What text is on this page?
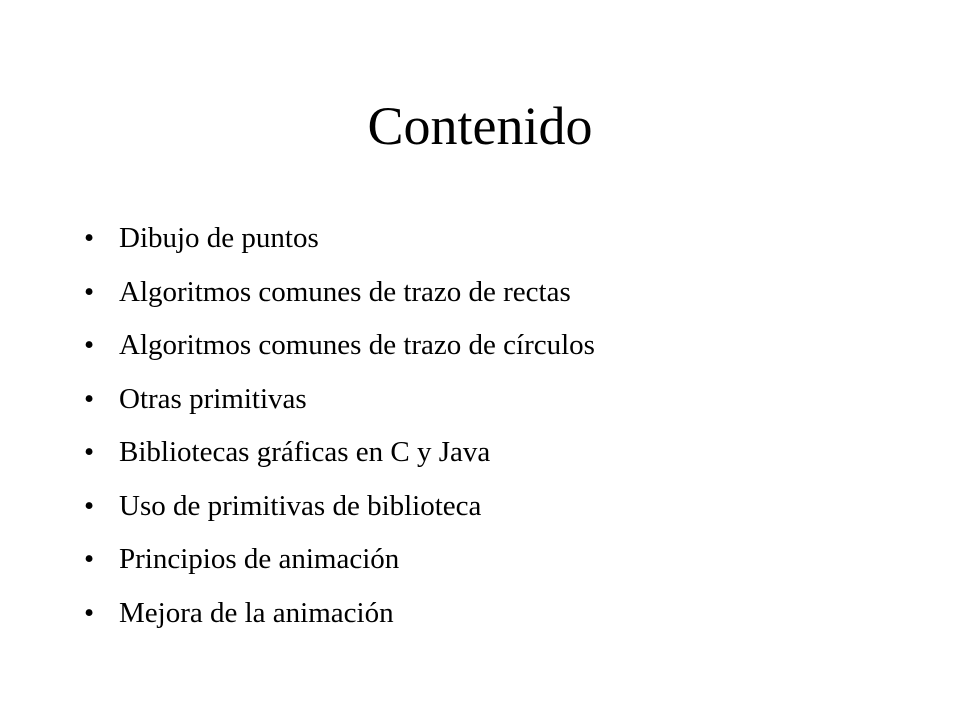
Contenido
• Dibujo de puntos
• Algoritmos comunes de trazo de rectas
• Algoritmos comunes de trazo de círculos
• Otras primitivas
• Bibliotecas gráficas en C y Java
• Uso de primitivas de biblioteca
• Principios de animación
• Mejora de la animación
